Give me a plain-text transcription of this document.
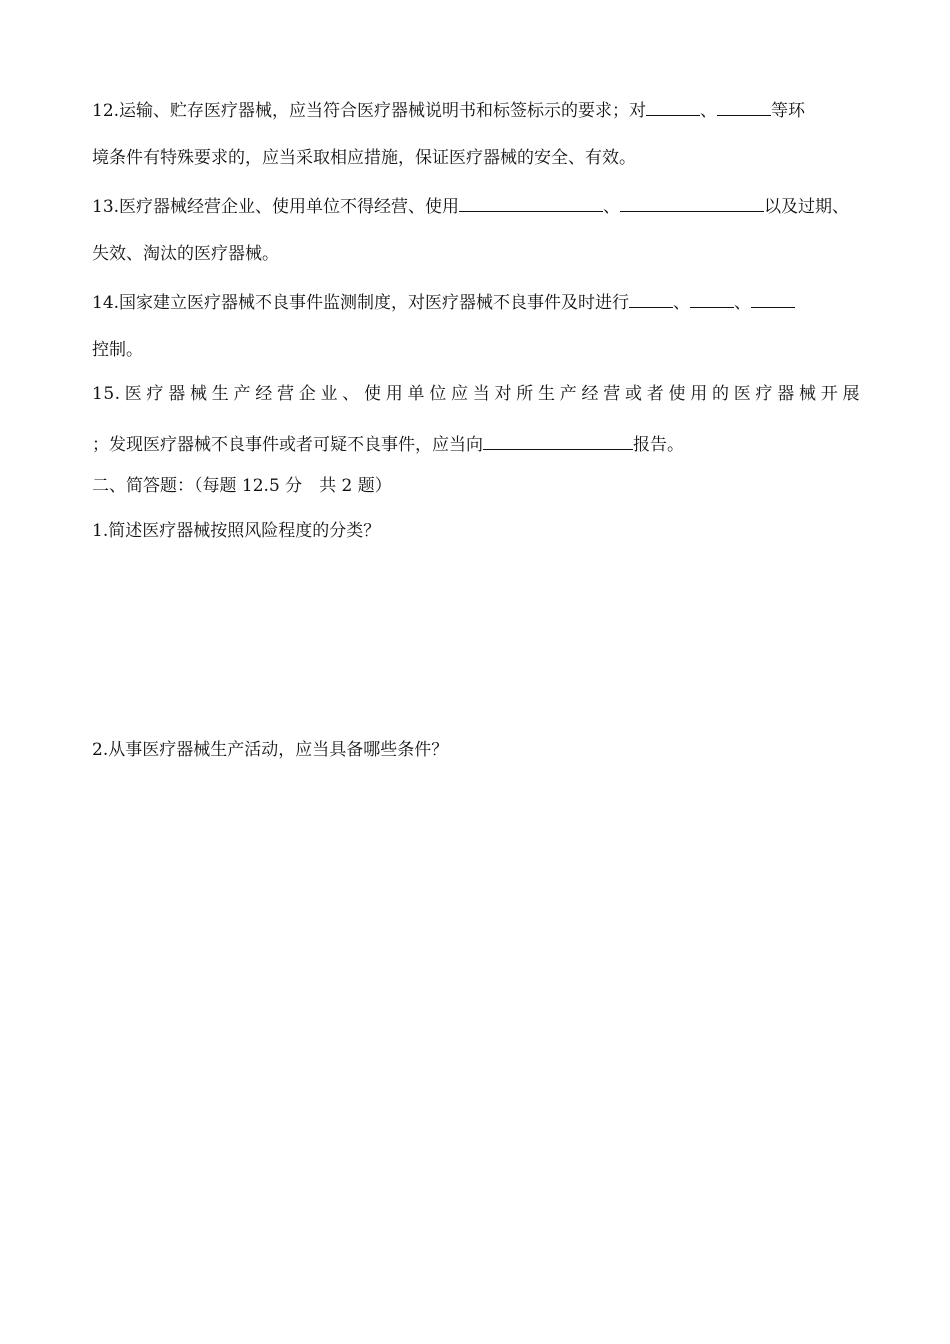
12.运输、贮存医疗器械，应当符合医疗器械说明书和标签标示的要求；对	、	等环
境条件有特殊要求的，应当采取相应措施，保证医疗器械的安全、有效。
13.医疗器械经营企业、使用单位不得经营、使用	、	以及过期、
失效、淘汰的医疗器械。
14.国家建立医疗器械不良事件监测制度，对医疗器械不良事件及时进行	、	、
控制。
15.医疗器械生产经营企业、使用单位应当对所生产经营或者使用的医疗器械开展
；发现医疗器械不良事件或者可疑不良事件，应当向	报告。
二、简答题：（每题 12.5 分　共 2 题）
1.简述医疗器械按照风险程度的分类？
2.从事医疗器械生产活动，应当具备哪些条件？
